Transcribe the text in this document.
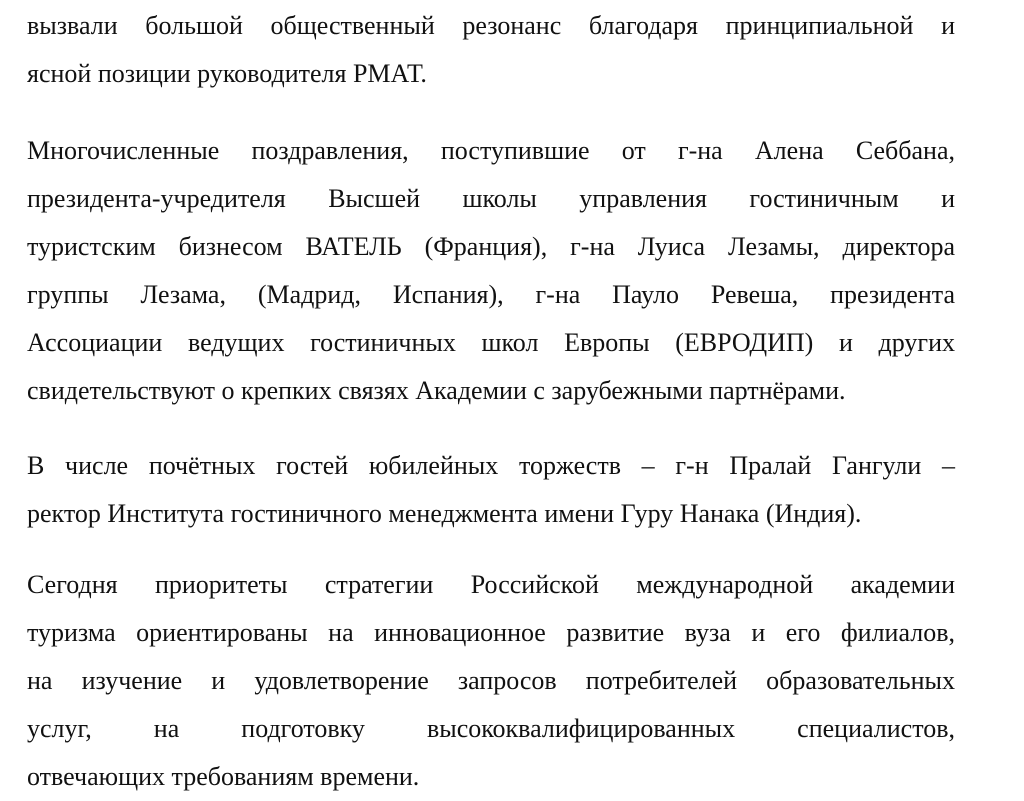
вызвали большой общественный резонанс благодаря принципиальной и
ясной позиции руководителя РМАТ.
Многочисленные поздравления, поступившие от г-на Алена Себбана,
президента-учредителя Высшей школы управления гостиничным и
туристским бизнесом ВАТЕЛЬ (Франция), г-на Луиса Лезамы, директора
группы Лезама, (Мадрид, Испания), г-на Пауло Ревеша, президента
Ассоциации ведущих гостиничных школ Европы (ЕВРОДИП) и других
свидетельствуют о крепких связях Академии с зарубежными партнёрами.
В числе почётных гостей юбилейных торжеств – г-н Пралай Гангули –
ректор Института гостиничного менеджмента имени Гуру Нанака (Индия).
Сегодня приоритеты стратегии Российской международной академии
туризма ориентированы на инновационное развитие вуза и его филиалов,
на изучение и удовлетворение запросов потребителей образовательных
услуг, на подготовку высококвалифицированных специалистов,
отвечающих требованиям времени.
